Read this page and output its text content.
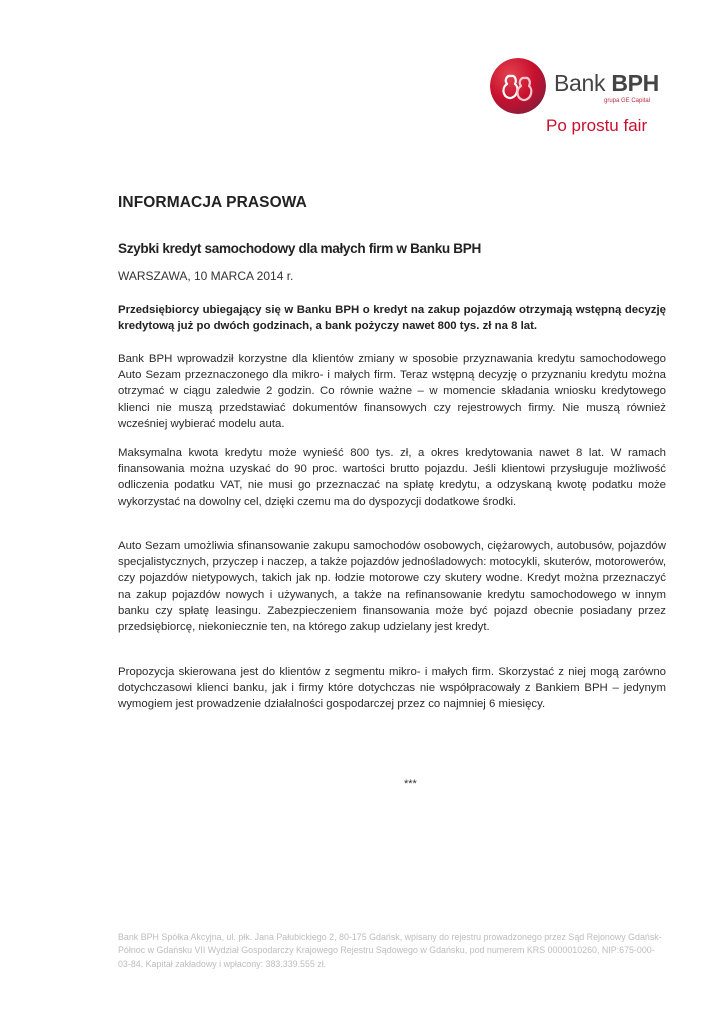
Bank BPH
grupa GE Capital
Po prostu fair
INFORMACJA PRASOWA
Szybki kredyt samochodowy dla małych firm w Banku BPH
WARSZAWA, 10 MARCA 2014 r.
Przedsiębiorcy ubiegający się w Banku BPH o kredyt na zakup pojazdów otrzymają wstępną decyzję kredytową już po dwóch godzinach, a bank pożyczy nawet 800 tys. zł na 8 lat.
Bank BPH wprowadził korzystne dla klientów zmiany w sposobie przyznawania kredytu samochodowego Auto Sezam przeznaczonego dla mikro- i małych firm. Teraz wstępną decyzję o przyznaniu kredytu można otrzymać w ciągu zaledwie 2 godzin. Co równie ważne – w momencie składania wniosku kredytowego klienci nie muszą przedstawiać dokumentów finansowych czy rejestrowych firmy. Nie muszą również wcześniej wybierać modelu auta.
Maksymalna kwota kredytu może wynieść 800 tys. zł, a okres kredytowania nawet 8 lat. W ramach finansowania można uzyskać do 90 proc. wartości brutto pojazdu. Jeśli klientowi przysługuje możliwość odliczenia podatku VAT, nie musi go przeznaczać na spłatę kredytu, a odzyskaną kwotę podatku może wykorzystać na dowolny cel, dzięki czemu ma do dyspozycji dodatkowe środki.
Auto Sezam umożliwia sfinansowanie zakupu samochodów osobowych, ciężarowych, autobusów, pojazdów specjalistycznych, przyczep i naczep, a także pojazdów jednośladowych: motocykli, skuterów, motorowerów, czy pojazdów nietypowych, takich jak np. łodzie motorowe czy skutery wodne. Kredyt można przeznaczyć na zakup pojazdów nowych i używanych, a także na refinansowanie kredytu samochodowego w innym banku czy spłatę leasingu. Zabezpieczeniem finansowania może być pojazd obecnie posiadany przez przedsiębiorcę, niekoniecznie ten, na którego zakup udzielany jest kredyt.
Propozycja skierowana jest do klientów z segmentu mikro- i małych firm. Skorzystać z niej mogą zarówno dotychczasowi klienci banku, jak i firmy które dotychczas nie współpracowały z Bankiem BPH – jedynym wymogiem jest prowadzenie działalności gospodarczej przez co najmniej 6 miesięcy.
***
Bank BPH Spółka Akcyjna, ul. płk. Jana Pałubickiego 2, 80-175 Gdańsk, wpisany do rejestru prowadzonego przez Sąd Rejonowy Gdańsk-Północ w Gdańsku VII Wydział Gospodarczy Krajowego Rejestru Sądowego w Gdańsku, pod numerem KRS 0000010260, NIP:675-000-03-84. Kapitał zakładowy i wpłacony: 383.339.555 zł.
